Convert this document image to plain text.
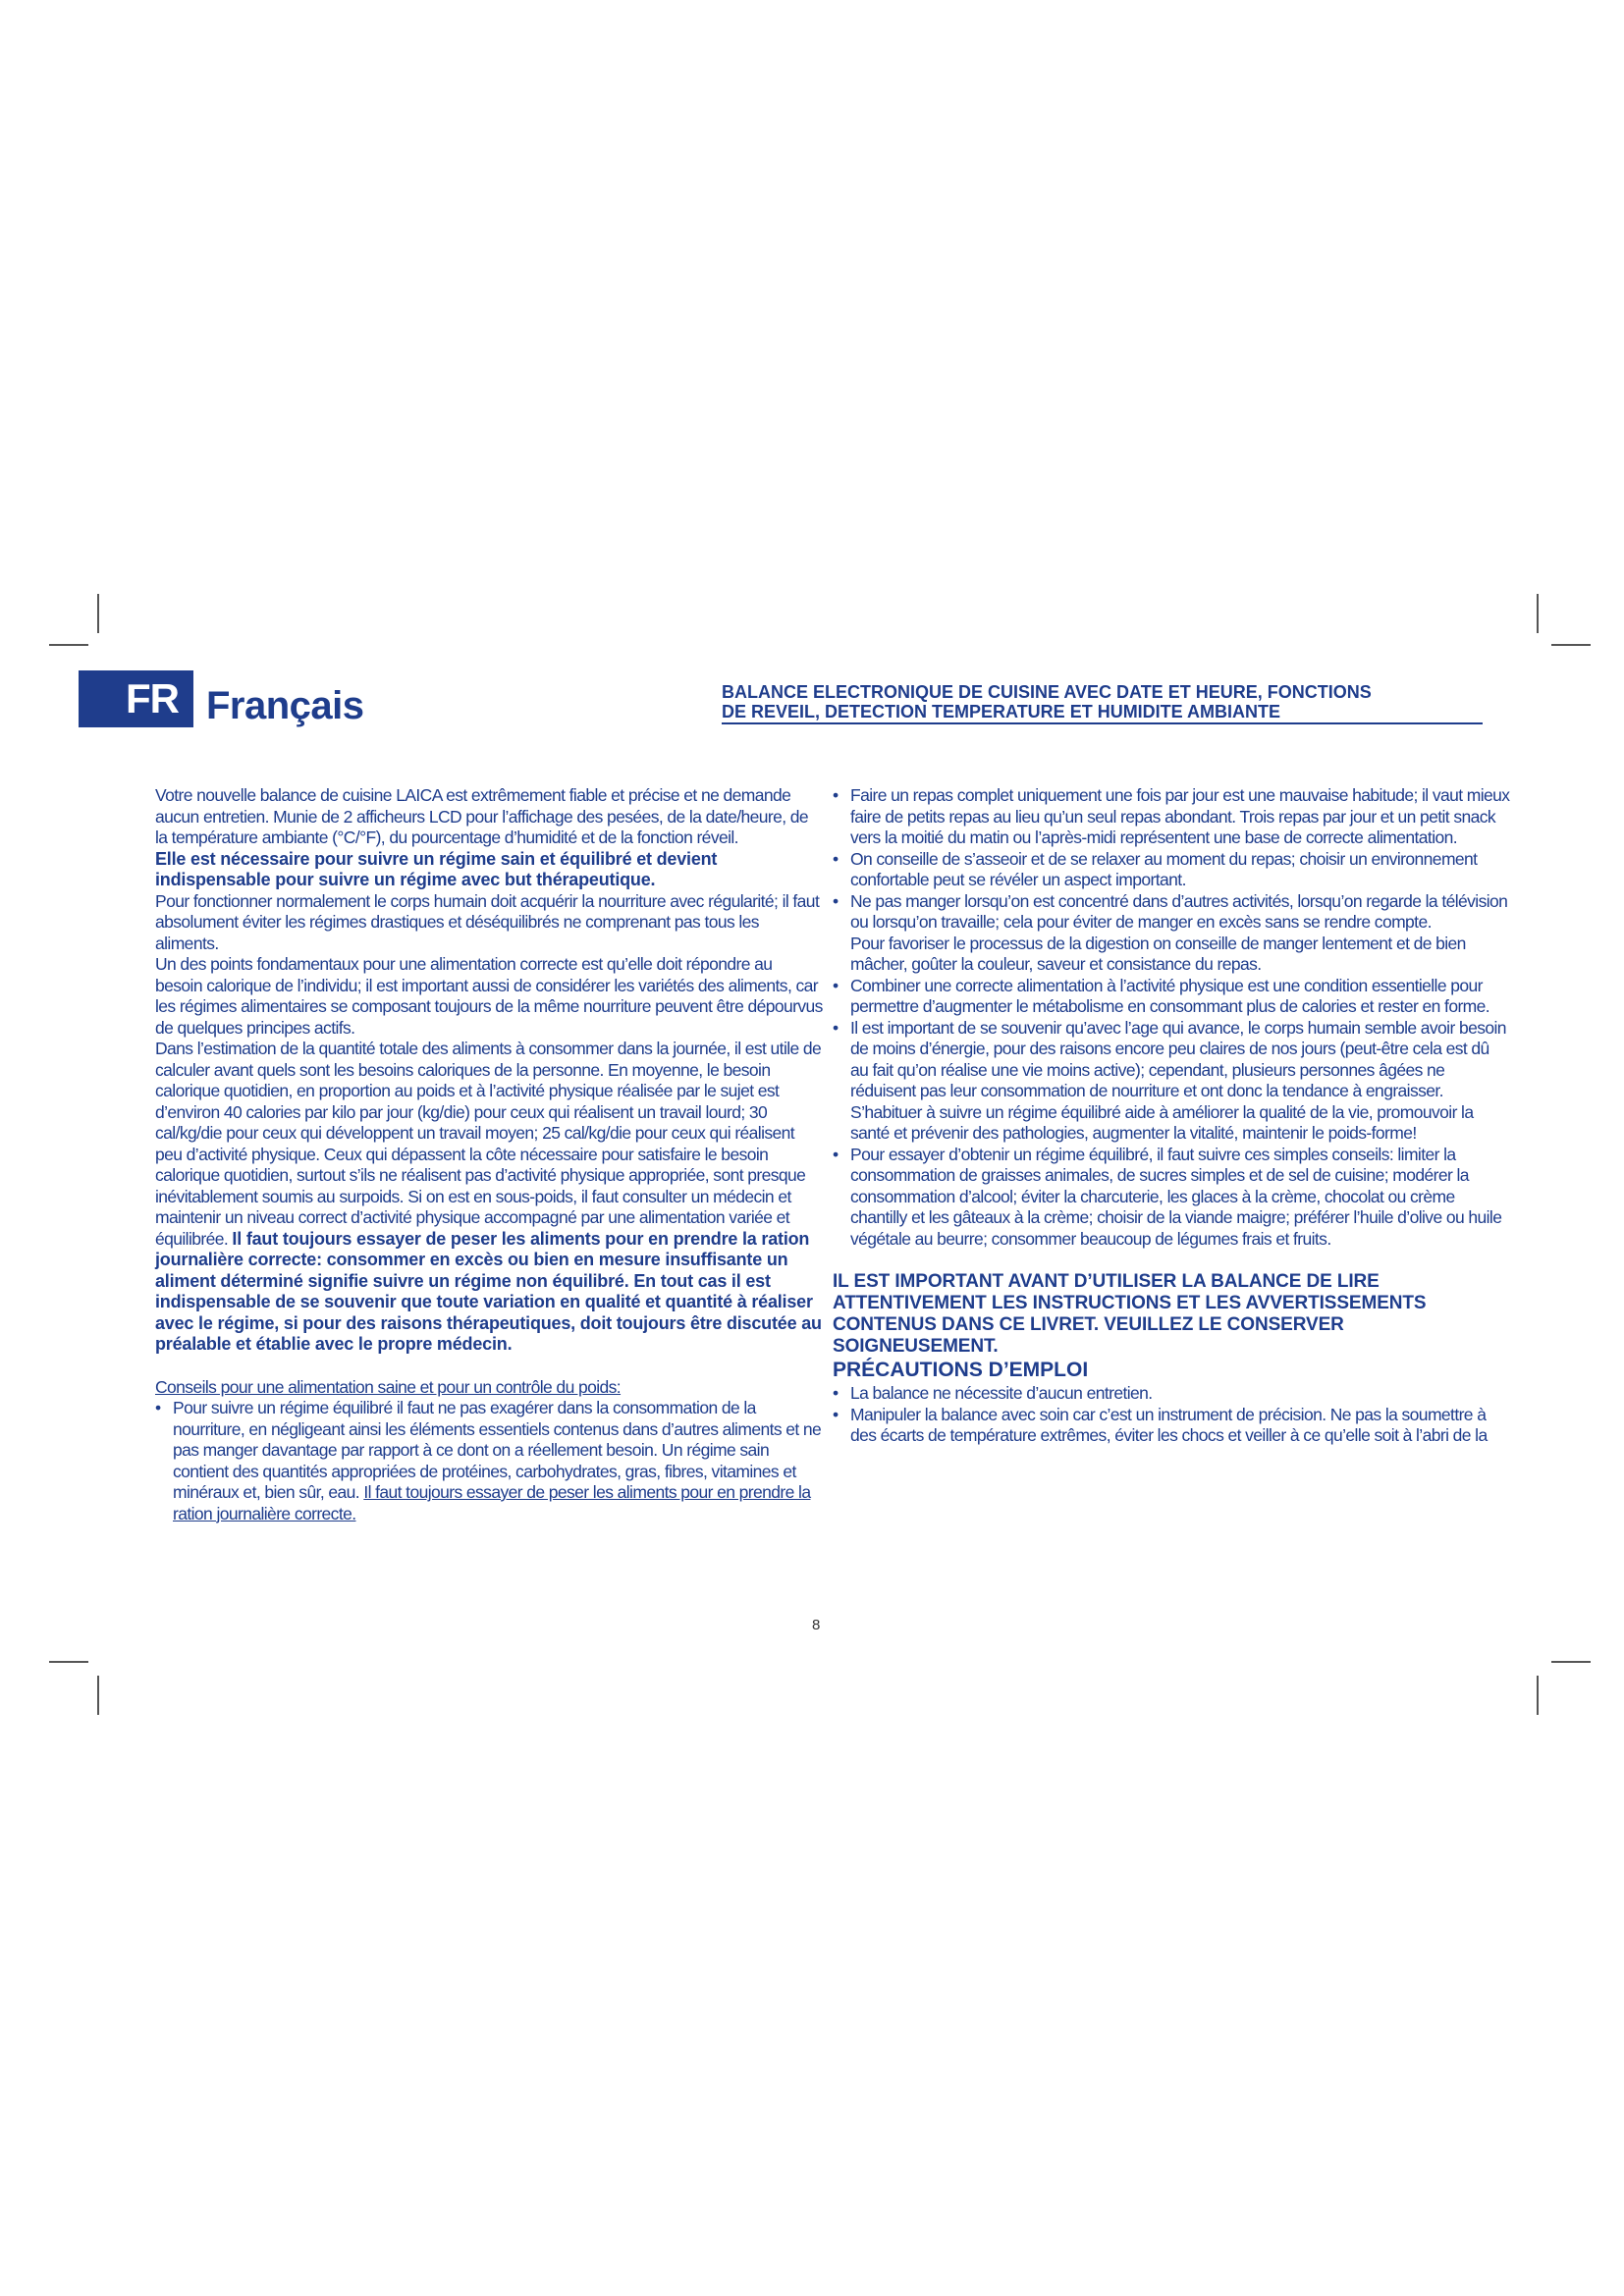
FR Français	BALANCE ELECTRONIQUE DE CUISINE AVEC DATE ET HEURE, FONCTIONS
DE REVEIL, DETECTION TEMPERATURE ET HUMIDITE AMBIANTE

Votre nouvelle balance de cuisine LAICA est extrêmement fiable et précise et ne demande aucun entretien. Munie de 2 afficheurs LCD pour l’affichage des pesées, de la date/heure, de la température ambiante (°C/°F), du pourcentage d’humidité et de la fonction réveil.

Elle est nécessaire pour suivre un régime sain et équilibré et devient indispensable pour suivre un régime avec but thérapeutique.

Pour fonctionner normalement le corps humain doit acquérir la nourriture avec régularité; il faut absolument éviter les régimes drastiques et déséquilibrés ne comprenant pas tous les aliments.

Un des points fondamentaux pour une alimentation correcte est qu’elle doit répondre au besoin calorique de l’individu; il est important aussi de considérer les variétés des aliments, car les régimes alimentaires se composant toujours de la même nourriture peuvent être dépourvus de quelques principes actifs.

Dans l’estimation de la quantité totale des aliments à consommer dans la journée, il est utile de calculer avant quels sont les besoins caloriques de la personne. En moyenne, le besoin calorique quotidien, en proportion au poids et à l’activité physique réalisée par le sujet est d’environ 40 calories par kilo par jour (kg/die) pour ceux qui réalisent un travail lourd; 30 cal/kg/die pour ceux qui développent un travail moyen; 25 cal/kg/die pour ceux qui réalisent peu d’activité physique. Ceux qui dépassent la côte nécessaire pour satisfaire le besoin calorique quotidien, surtout s’ils ne réalisent pas d’activité physique appropriée, sont presque inévitablement soumis au surpoids. Si on est en sous-poids, il faut consulter un médecin et maintenir un niveau correct d’activité physique accompagné par une alimentation variée et équilibrée. Il faut toujours essayer de peser les aliments pour en prendre la ration journalière correcte: consommer en excès ou bien en mesure insuffisante un aliment déterminé signifie suivre un régime non équilibré. En tout cas il est indispensable de se souvenir que toute variation en qualité et quantité à réaliser avec le régime, si pour des raisons thérapeutiques, doit toujours être discutée au préalable et établie avec le propre médecin.

Conseils pour une alimentation saine et pour un contrôle du poids:

• Pour suivre un régime équilibré il faut ne pas exagérer dans la consommation de la nourriture, en négligeant ainsi les éléments essentiels contenus dans d’autres aliments et ne pas manger davantage par rapport à ce dont on a réellement besoin. Un régime sain contient des quantités appropriées de protéines, carbohydrates, gras, fibres, vitamines et minéraux et, bien sûr, eau. Il faut toujours essayer de peser les aliments pour en prendre la ration journalière correcte.

• Faire un repas complet uniquement une fois par jour est une mauvaise habitude; il vaut mieux faire de petits repas au lieu qu’un seul repas abondant. Trois repas par jour et un petit snack vers la moitié du matin ou l’après-midi représentent une base de correcte alimentation.

• On conseille de s’asseoir et de se relaxer au moment du repas; choisir un environnement confortable peut se révéler un aspect important.

• Ne pas manger lorsqu’on est concentré dans d’autres activités, lorsqu’on regarde la télévision ou lorsqu’on travaille; cela pour éviter de manger en excès sans se rendre compte.

Pour favoriser le processus de la digestion on conseille de manger lentement et de bien mâcher, goûter la couleur, saveur et consistance du repas.

• Combiner une correcte alimentation à l’activité physique est une condition essentielle pour permettre d’augmenter le métabolisme en consommant plus de calories et rester en forme.

• Il est important de se souvenir qu’avec l’age qui avance, le corps humain semble avoir besoin de moins d’énergie, pour des raisons encore peu claires de nos jours (peut-être cela est dû au fait qu’on réalise une vie moins active); cependant, plusieurs personnes âgées ne réduisent pas leur consommation de nourriture et ont donc la tendance à engraisser. S’habituer à suivre un régime équilibré aide à améliorer la qualité de la vie, promouvoir la santé et prévenir des pathologies, augmenter la vitalité, maintenir le poids-forme!

• Pour essayer d’obtenir un régime équilibré, il faut suivre ces simples conseils: limiter la consommation de graisses animales, de sucres simples et de sel de cuisine; modérer la consommation d’alcool; éviter la charcuterie, les glaces à la crème, chocolat ou crème chantilly et les gâteaux à la crème; choisir de la viande maigre; préférer l’huile d’olive ou huile végétale au beurre; consommer beaucoup de légumes frais et fruits.

IL EST IMPORTANT AVANT D’UTILISER LA BALANCE DE LIRE ATTENTIVEMENT LES INSTRUCTIONS ET LES AVVERTISSEMENTS CONTENUS DANS CE LIVRET. VEUILLEZ LE CONSERVER SOIGNEUSEMENT.

PRÉCAUTIONS D’EMPLOI

• La balance ne nécessite d’aucun entretien.

• Manipuler la balance avec soin car c’est un instrument de précision. Ne pas la soumettre à des écarts de température extrêmes, éviter les chocs et veiller à ce qu’elle soit à l’abri de la

8
